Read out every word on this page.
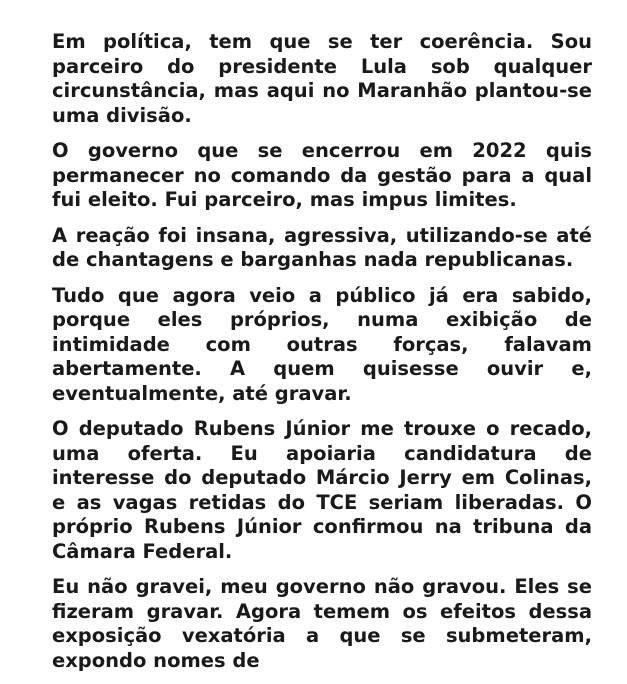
Em política, tem que se ter coerência. Sou parceiro do presidente Lula sob qualquer circunstância, mas aqui no Maranhão plantou-se uma divisão.

O governo que se encerrou em 2022 quis permanecer no comando da gestão para a qual fui eleito. Fui parceiro, mas impus limites.

A reação foi insana, agressiva, utilizando-se até de chantagens e barganhas nada republicanas.

Tudo que agora veio a público já era sabido, porque eles próprios, numa exibição de intimidade com outras forças, falavam abertamente. A quem quisesse ouvir e, eventualmente, até gravar.

O deputado Rubens Júnior me trouxe o recado, uma oferta. Eu apoiaria candidatura de interesse do deputado Márcio Jerry em Colinas, e as vagas retidas do TCE seriam liberadas. O próprio Rubens Júnior confirmou na tribuna da Câmara Federal.

Eu não gravei, meu governo não gravou. Eles se fizeram gravar. Agora temem os efeitos dessa exposição vexatória a que se submeteram, expondo nomes de
